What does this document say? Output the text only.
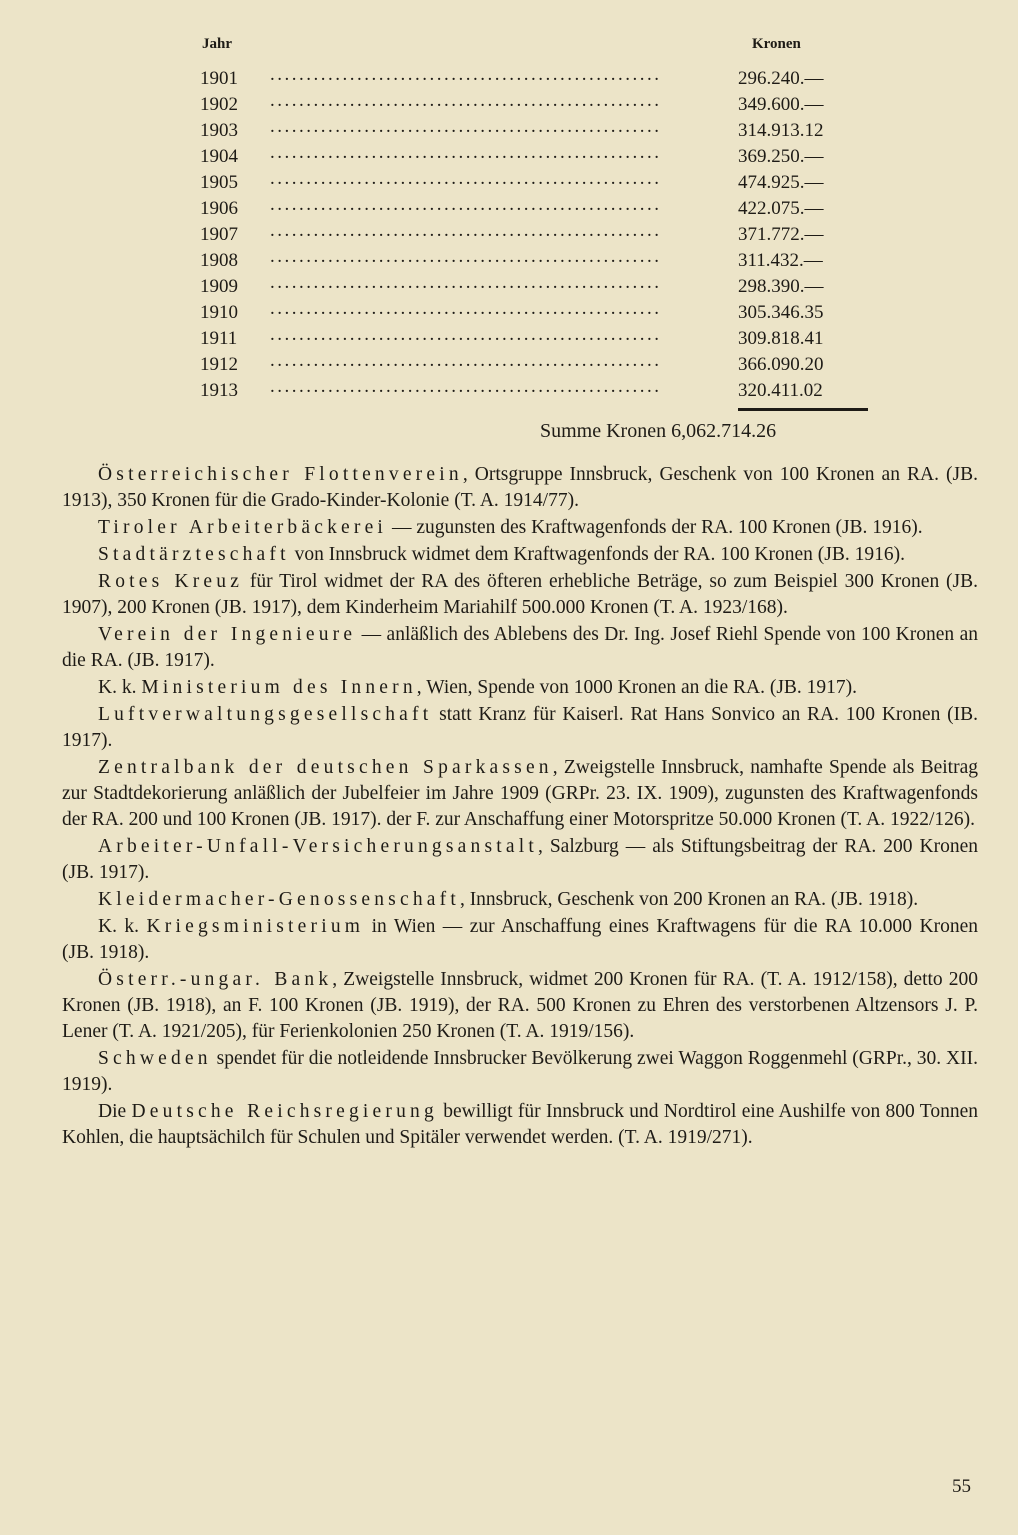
Jahr	Kronen
1901 ......................................................	296.240.—
1902 ......................................................	349.600.—
1903 ......................................................	314.913.12
1904 ......................................................	369.250.—
1905 ......................................................	474.925.—
1906 ......................................................	422.075.—
1907 ......................................................	371.772.—
1908 ......................................................	311.432.—
1909 ......................................................	298.390.—
1910 ......................................................	305.346.35
1911 ......................................................	309.818.41
1912 ......................................................	366.090.20
1913 ......................................................	320.411.02
Summe Kronen 6,062.714.26

Österreichischer Flottenverein, Ortsgruppe Innsbruck, Geschenk von 100 Kronen an RA. (JB. 1913), 350 Kronen für die Grado-Kinder-Kolonie (T. A. 1914/77).

Tiroler Arbeiterbäckerei — zugunsten des Kraftwagenfonds der RA. 100 Kronen (JB. 1916).

Stadtärzteschaft von Innsbruck widmet dem Kraftwagenfonds der RA. 100 Kronen (JB. 1916).

Rotes Kreuz für Tirol widmet der RA des öfteren erhebliche Beträge, so zum Beispiel 300 Kronen (JB. 1907), 200 Kronen (JB. 1917), dem Kinderheim Mariahilf 500.000 Kronen (T. A. 1923/168).

Verein der Ingenieure — anläßlich des Ablebens des Dr. Ing. Josef Riehl Spende von 100 Kronen an die RA. (JB. 1917).

K. k. Ministerium des Innern, Wien, Spende von 1000 Kronen an die RA. (JB. 1917).

Luftverwaltungsgesellschaft statt Kranz für Kaiserl. Rat Hans Sonvico an RA. 100 Kronen (IB. 1917).

Zentralbank der deutschen Sparkassen, Zweigstelle Innsbruck, namhafte Spende als Beitrag zur Stadtdekorierung anläßlich der Jubelfeier im Jahre 1909 (GRPr. 23. IX. 1909), zugunsten des Kraftwagenfonds der RA. 200 und 100 Kronen (JB. 1917). der F. zur Anschaffung einer Motorspritze 50.000 Kronen (T. A. 1922/126).

Arbeiter-Unfall-Versicherungsanstalt, Salzburg — als Stiftungsbeitrag der RA. 200 Kronen (JB. 1917).

Kleidermacher-Genossenschaft, Innsbruck, Geschenk von 200 Kronen an RA. (JB. 1918).

K. k. Kriegsministerium in Wien — zur Anschaffung eines Kraftwagens für die RA 10.000 Kronen (JB. 1918).

Österr.-ungar. Bank, Zweigstelle Innsbruck, widmet 200 Kronen für RA. (T. A. 1912/158), detto 200 Kronen (JB. 1918), an F. 100 Kronen (JB. 1919), der RA. 500 Kronen zu Ehren des verstorbenen Altzensors J. P. Lener (T. A. 1921/205), für Ferienkolonien 250 Kronen (T. A. 1919/156).

Schweden spendet für die notleidende Innsbrucker Bevölkerung zwei Waggon Roggenmehl (GRPr., 30. XII. 1919).

Die Deutsche Reichsregierung bewilligt für Innsbruck und Nordtirol eine Aushilfe von 800 Tonnen Kohlen, die hauptsächilch für Schulen und Spitäler verwendet werden. (T. A. 1919/271).

55
